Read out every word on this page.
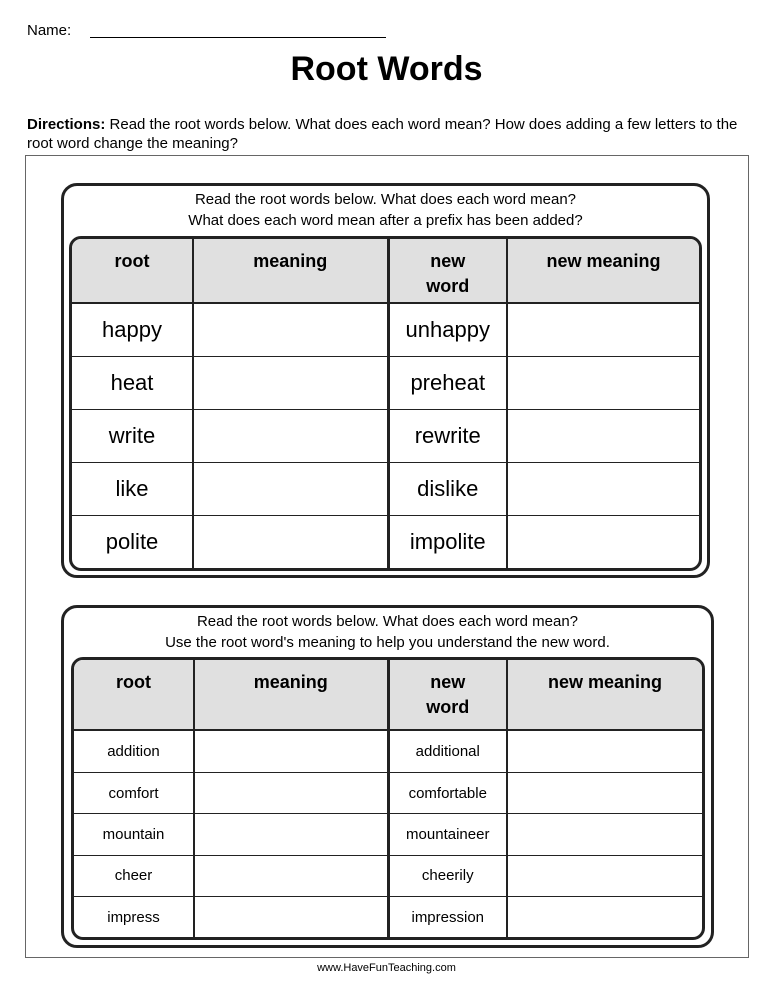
Name:
Root Words
Directions: Read the root words below. What does each word mean? How does adding a few letters to the root word change the meaning?
Read the root words below. What does each word mean?
What does each word mean after a prefix has been added?
root	meaning	new word	new meaning
happy		unhappy	
heat		preheat	
write		rewrite	
like		dislike	
polite		impolite	
Read the root words below. What does each word mean?
Use the root word's meaning to help you understand the new word.
root	meaning	new word	new meaning
addition		additional	
comfort		comfortable	
mountain		mountaineer	
cheer		cheerily	
impress		impression	
www.HaveFunTeaching.com
